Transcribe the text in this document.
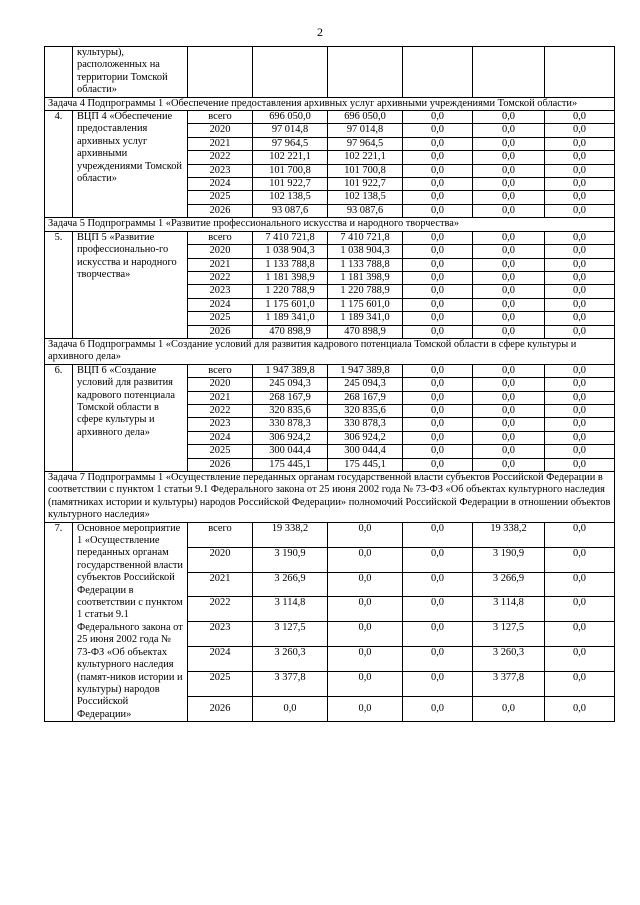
2
	культуры), расположенных на территории Томской области»						
Задача 4 Подпрограммы 1 «Обеспечение предоставления архивных услуг архивными учреждениями Томской области»							
4.	ВЦП 4 «Обеспечение предоставления архивных услуг архивными учреждениями Томской области»	всего	696 050,0	696 050,0	0,0	0,0	0,0
		2020	97 014,8	97 014,8	0,0	0,0	0,0
		2021	97 964,5	97 964,5	0,0	0,0	0,0
		2022	102 221,1	102 221,1	0,0	0,0	0,0
		2023	101 700,8	101 700,8	0,0	0,0	0,0
		2024	101 922,7	101 922,7	0,0	0,0	0,0
		2025	102 138,5	102 138,5	0,0	0,0	0,0
		2026	93 087,6	93 087,6	0,0	0,0	0,0
Задача 5 Подпрограммы 1 «Развитие профессионального искусства и народного творчества»							
5.	ВЦП 5 «Развитие профессионально-го искусства и народного творчества»	всего	7 410 721,8	7 410 721,8	0,0	0,0	0,0
		2020	1 038 904,3	1 038 904,3	0,0	0,0	0,0
		2021	1 133 788,8	1 133 788,8	0,0	0,0	0,0
		2022	1 181 398,9	1 181 398,9	0,0	0,0	0,0
		2023	1 220 788,9	1 220 788,9	0,0	0,0	0,0
		2024	1 175 601,0	1 175 601,0	0,0	0,0	0,0
		2025	1 189 341,0	1 189 341,0	0,0	0,0	0,0
		2026	470 898,9	470 898,9	0,0	0,0	0,0
Задача 6 Подпрограммы 1 «Создание условий для развития кадрового потенциала Томской области в сфере культуры и архивного дела»							
6.	ВЦП 6 «Создание условий для развития кадрового потенциала Томской области в сфере культуры и архивного дела»	всего	1 947 389,8	1 947 389,8	0,0	0,0	0,0
		2020	245 094,3	245 094,3	0,0	0,0	0,0
		2021	268 167,9	268 167,9	0,0	0,0	0,0
		2022	320 835,6	320 835,6	0,0	0,0	0,0
		2023	330 878,3	330 878,3	0,0	0,0	0,0
		2024	306 924,2	306 924,2	0,0	0,0	0,0
		2025	300 044,4	300 044,4	0,0	0,0	0,0
		2026	175 445,1	175 445,1	0,0	0,0	0,0
Задача 7 Подпрограммы 1 «Осуществление переданных органам государственной власти субъектов Российской Федерации в соответствии с пунктом 1 статьи 9.1 Федерального закона от 25 июня 2002 года № 73-ФЗ «Об объектах культурного наследия (памятниках истории и культуры) народов Российской Федерации» полномочий Российской Федерации в отношении объектов культурного наследия»							
7.	Основное мероприятие 1 «Осуществление переданных органам государственной власти субъектов Российской Федерации в соответствии с пунктом 1 статьи 9.1 Федерального закона от 25 июня 2002 года № 73-ФЗ «Об объектах культурного наследия (памят-ников истории и культуры) народов Российской Федерации»	всего	19 338,2	0,0	0,0	19 338,2	0,0
		2020	3 190,9	0,0	0,0	3 190,9	0,0
		2021	3 266,9	0,0	0,0	3 266,9	0,0
		2022	3 114,8	0,0	0,0	3 114,8	0,0
		2023	3 127,5	0,0	0,0	3 127,5	0,0
		2024	3 260,3	0,0	0,0	3 260,3	0,0
		2025	3 377,8	0,0	0,0	3 377,8	0,0
		2026	0,0	0,0	0,0	0,0	0,0
